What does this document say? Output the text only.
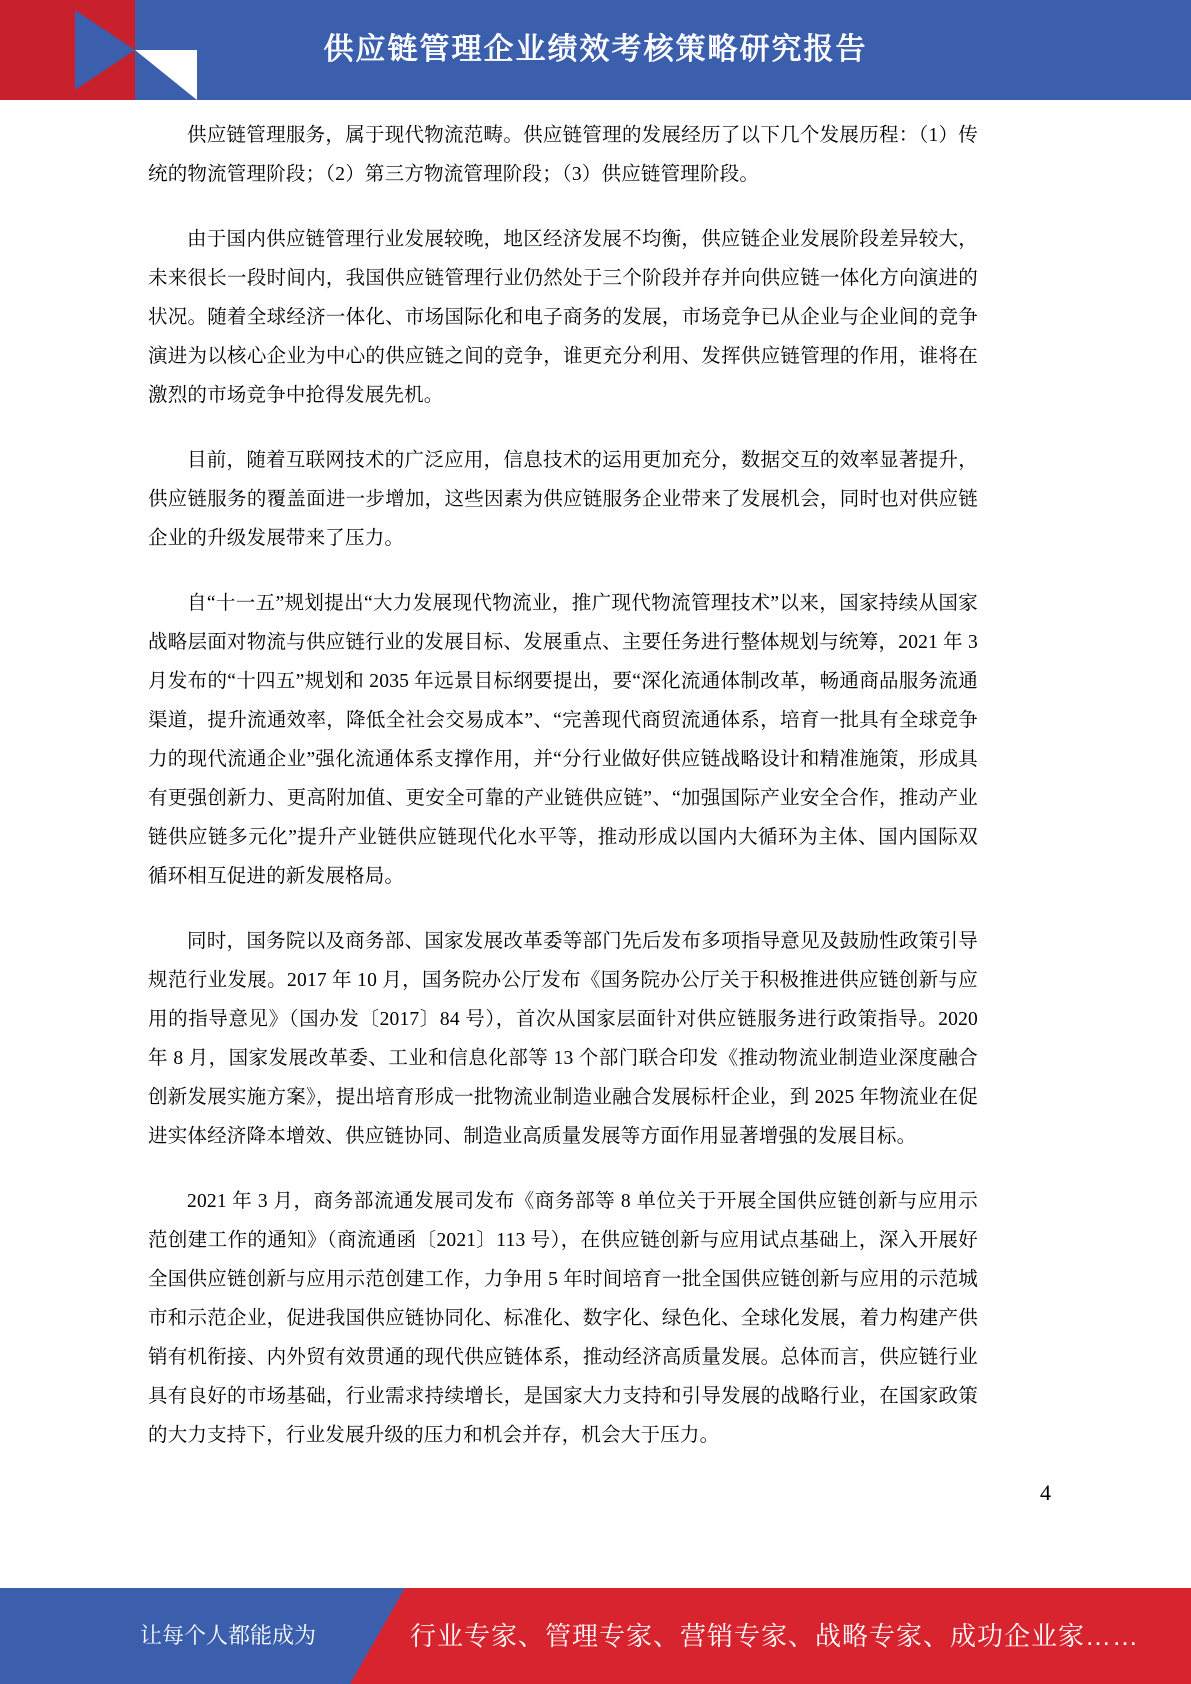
供应链管理企业绩效考核策略研究报告

供应链管理服务，属于现代物流范畴。供应链管理的发展经历了以下几个发展历程：（1）传统的物流管理阶段；（2）第三方物流管理阶段；（3）供应链管理阶段。

由于国内供应链管理行业发展较晚，地区经济发展不均衡，供应链企业发展阶段差异较大，未来很长一段时间内，我国供应链管理行业仍然处于三个阶段并存并向供应链一体化方向演进的状况。随着全球经济一体化、市场国际化和电子商务的发展，市场竞争已从企业与企业间的竞争演进为以核心企业为中心的供应链之间的竞争，谁更充分利用、发挥供应链管理的作用，谁将在激烈的市场竞争中抢得发展先机。

目前，随着互联网技术的广泛应用，信息技术的运用更加充分，数据交互的效率显著提升，供应链服务的覆盖面进一步增加，这些因素为供应链服务企业带来了发展机会，同时也对供应链企业的升级发展带来了压力。

自“十一五”规划提出“大力发展现代物流业，推广现代物流管理技术”以来，国家持续从国家战略层面对物流与供应链行业的发展目标、发展重点、主要任务进行整体规划与统筹，2021 年 3 月发布的“十四五”规划和 2035 年远景目标纲要提出，要“深化流通体制改革，畅通商品服务流通渠道，提升流通效率，降低全社会交易成本”、“完善现代商贸流通体系，培育一批具有全球竞争力的现代流通企业”强化流通体系支撑作用，并“分行业做好供应链战略设计和精准施策，形成具有更强创新力、更高附加值、更安全可靠的产业链供应链”、“加强国际产业安全合作，推动产业链供应链多元化”提升产业链供应链现代化水平等，推动形成以国内大循环为主体、国内国际双循环相互促进的新发展格局。

同时，国务院以及商务部、国家发展改革委等部门先后发布多项指导意见及鼓励性政策引导规范行业发展。2017 年 10 月，国务院办公厅发布《国务院办公厅关于积极推进供应链创新与应用的指导意见》（国办发〔2017〕84 号），首次从国家层面针对供应链服务进行政策指导。2020 年 8 月，国家发展改革委、工业和信息化部等 13 个部门联合印发《推动物流业制造业深度融合创新发展实施方案》，提出培育形成一批物流业制造业融合发展标杆企业，到 2025 年物流业在促进实体经济降本增效、供应链协同、制造业高质量发展等方面作用显著增强的发展目标。

2021 年 3 月，商务部流通发展司发布《商务部等 8 单位关于开展全国供应链创新与应用示范创建工作的通知》（商流通函〔2021〕113 号），在供应链创新与应用试点基础上，深入开展好全国供应链创新与应用示范创建工作，力争用 5 年时间培育一批全国供应链创新与应用的示范城市和示范企业，促进我国供应链协同化、标准化、数字化、绿色化、全球化发展，着力构建产供销有机衔接、内外贸有效贯通的现代供应链体系，推动经济高质量发展。总体而言，供应链行业具有良好的市场基础，行业需求持续增长，是国家大力支持和引导发展的战略行业，在国家政策的大力支持下，行业发展升级的压力和机会并存，机会大于压力。

4
让每个人都能成为	行业专家、管理专家、营销专家、战略专家、成功企业家……
